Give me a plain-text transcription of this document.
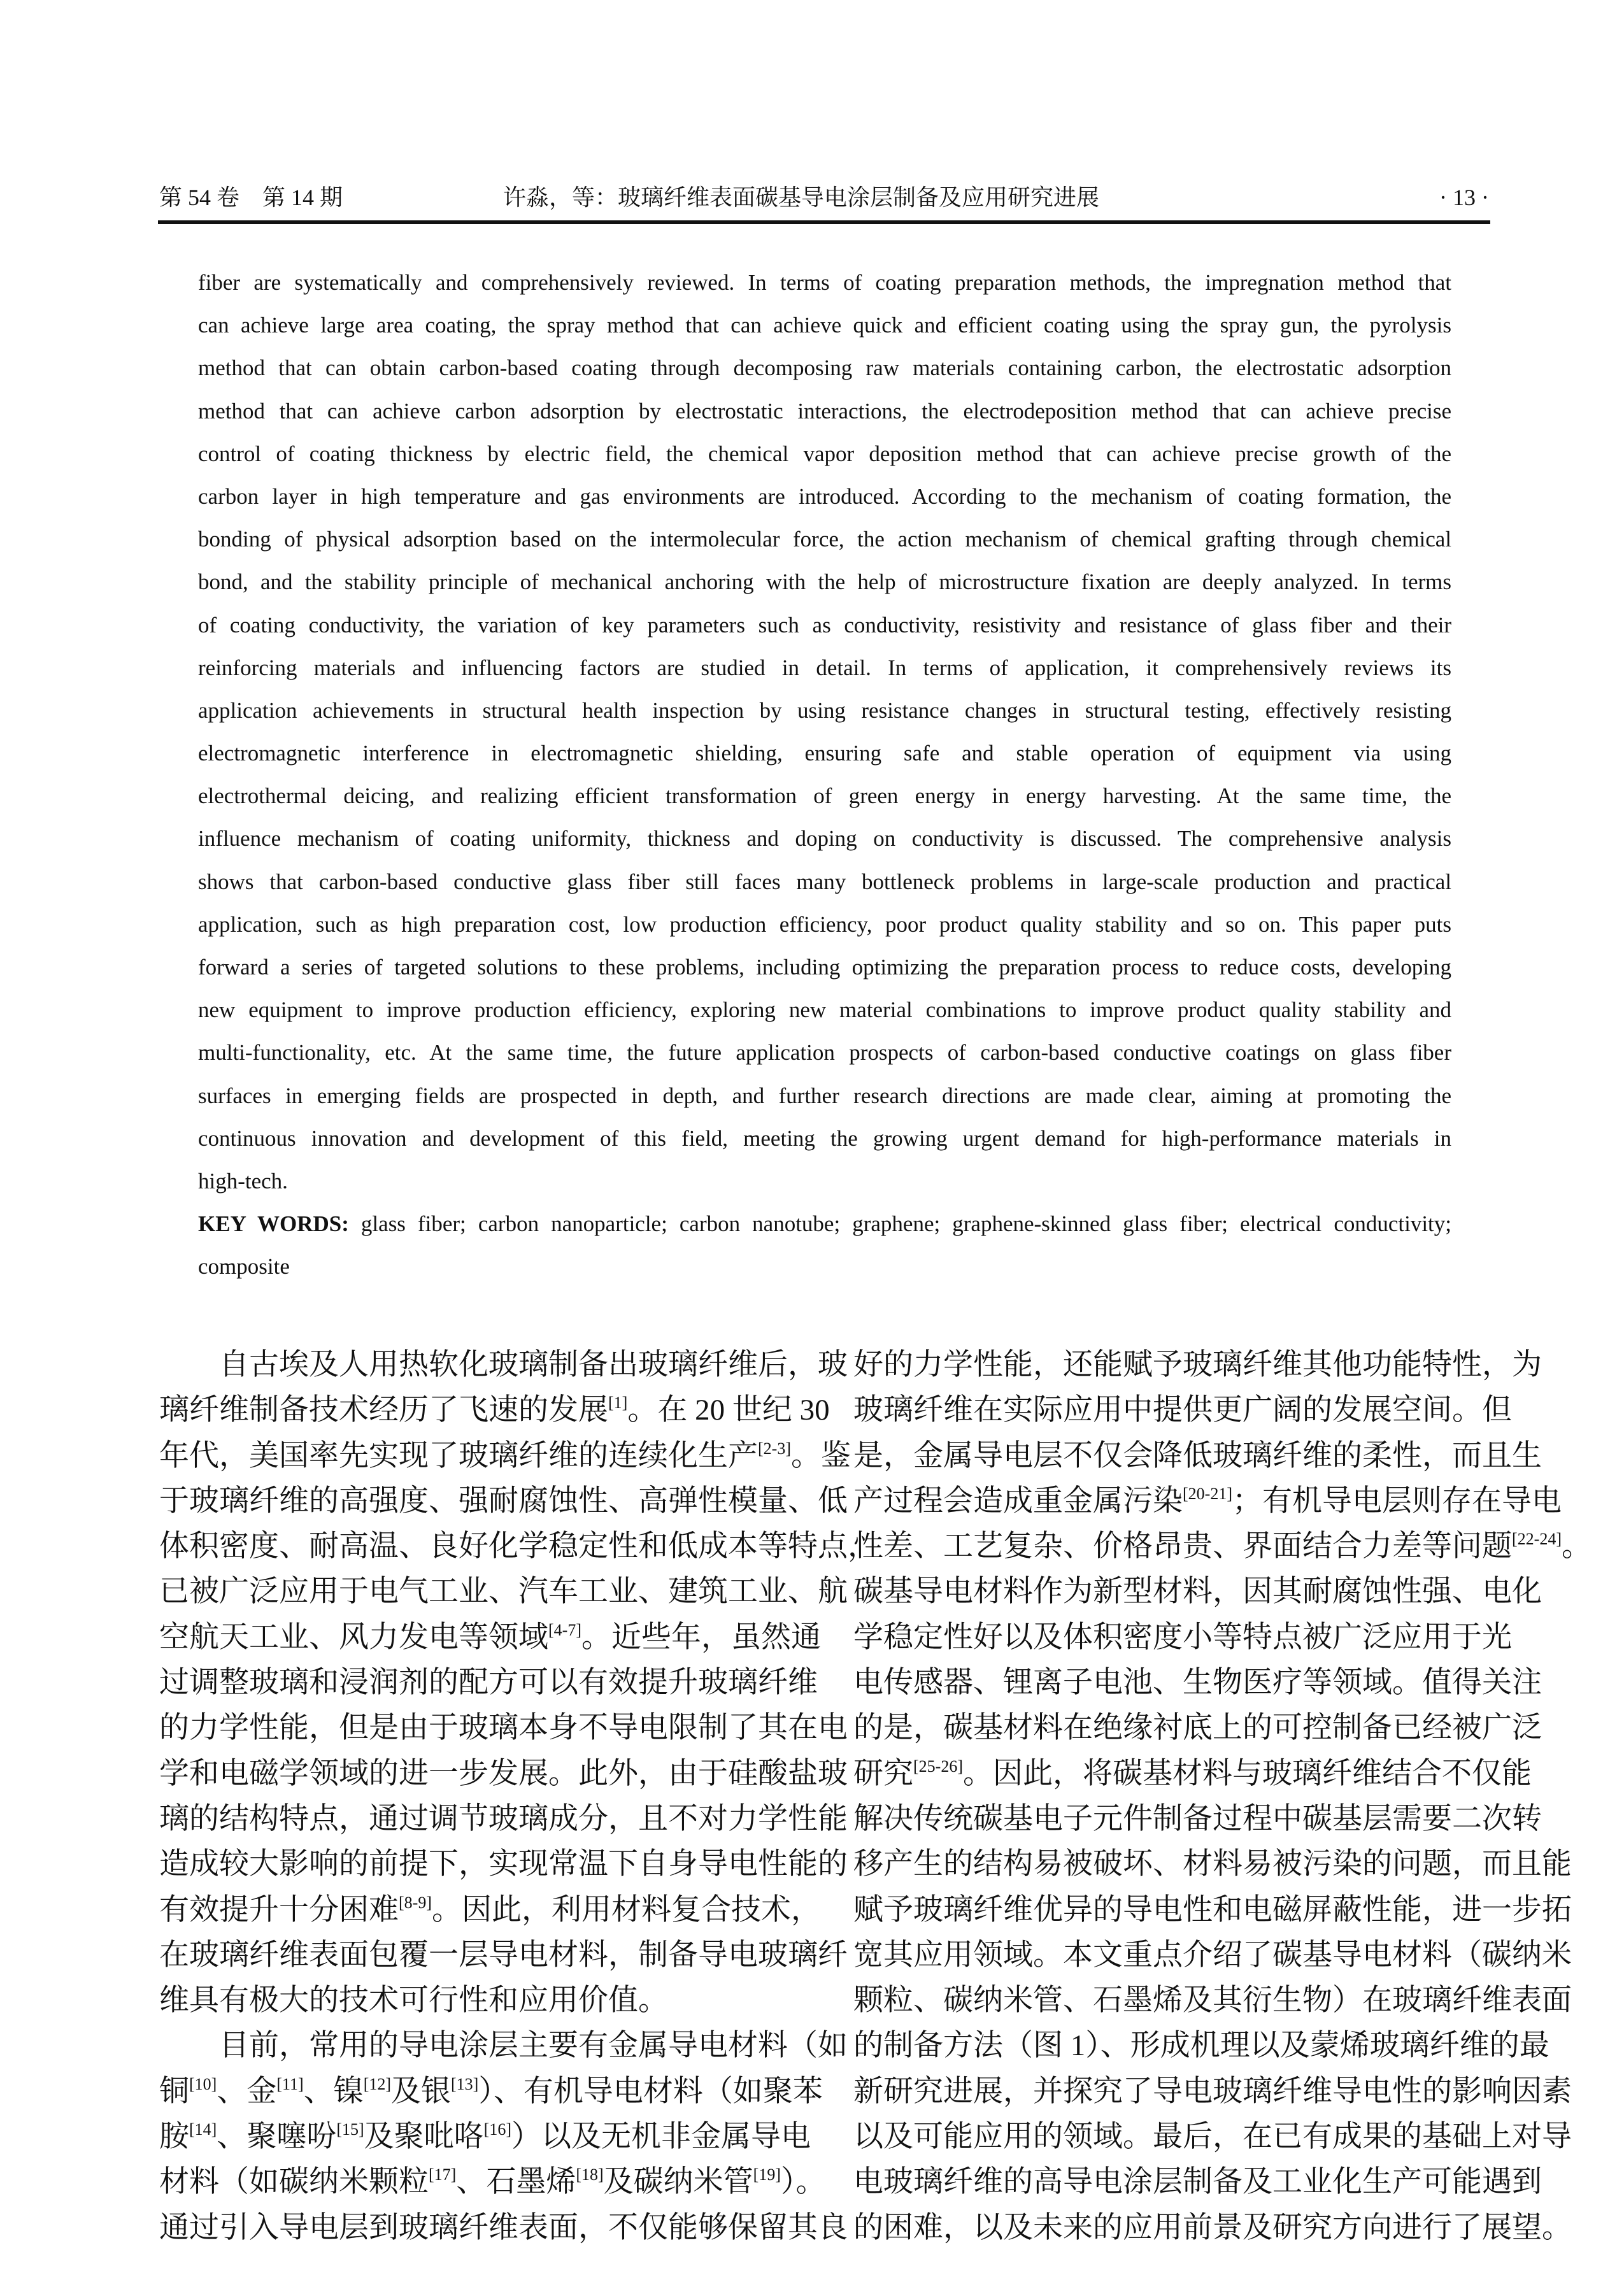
第 54 卷　第 14 期	许淼，等：玻璃纤维表面碳基导电涂层制备及应用研究进展	· 13 ·
fiber are systematically and comprehensively reviewed. In terms of coating preparation methods, the impregnation method that
can achieve large area coating, the spray method that can achieve quick and efficient coating using the spray gun, the pyrolysis
method that can obtain carbon-based coating through decomposing raw materials containing carbon, the electrostatic adsorption
method that can achieve carbon adsorption by electrostatic interactions, the electrodeposition method that can achieve precise
control of coating thickness by electric field, the chemical vapor deposition method that can achieve precise growth of the
carbon layer in high temperature and gas environments are introduced. According to the mechanism of coating formation, the
bonding of physical adsorption based on the intermolecular force, the action mechanism of chemical grafting through chemical
bond, and the stability principle of mechanical anchoring with the help of microstructure fixation are deeply analyzed. In terms
of coating conductivity, the variation of key parameters such as conductivity, resistivity and resistance of glass fiber and their
reinforcing materials and influencing factors are studied in detail. In terms of application, it comprehensively reviews its
application achievements in structural health inspection by using resistance changes in structural testing, effectively resisting
electromagnetic interference in electromagnetic shielding, ensuring safe and stable operation of equipment via using
electrothermal deicing, and realizing efficient transformation of green energy in energy harvesting. At the same time, the
influence mechanism of coating uniformity, thickness and doping on conductivity is discussed. The comprehensive analysis
shows that carbon-based conductive glass fiber still faces many bottleneck problems in large-scale production and practical
application, such as high preparation cost, low production efficiency, poor product quality stability and so on. This paper puts
forward a series of targeted solutions to these problems, including optimizing the preparation process to reduce costs, developing
new equipment to improve production efficiency, exploring new material combinations to improve product quality stability and
multi-functionality, etc. At the same time, the future application prospects of carbon-based conductive coatings on glass fiber
surfaces in emerging fields are prospected in depth, and further research directions are made clear, aiming at promoting the
continuous innovation and development of this field, meeting the growing urgent demand for high-performance materials in
high-tech.
KEY WORDS: glass fiber; carbon nanoparticle; carbon nanotube; graphene; graphene-skinned glass fiber; electrical conductivity;
composite
自古埃及人用热软化玻璃制备出玻璃纤维后，玻
璃纤维制备技术经历了飞速的发展[1]。在 20 世纪 30
年代，美国率先实现了玻璃纤维的连续化生产[2-3]。鉴
于玻璃纤维的高强度、强耐腐蚀性、高弹性模量、低
体积密度、耐高温、良好化学稳定性和低成本等特点，
已被广泛应用于电气工业、汽车工业、建筑工业、航
空航天工业、风力发电等领域[4-7]。近些年，虽然通
过调整玻璃和浸润剂的配方可以有效提升玻璃纤维
的力学性能，但是由于玻璃本身不导电限制了其在电
学和电磁学领域的进一步发展。此外，由于硅酸盐玻
璃的结构特点，通过调节玻璃成分，且不对力学性能
造成较大影响的前提下，实现常温下自身导电性能的
有效提升十分困难[8-9]。因此，利用材料复合技术，
在玻璃纤维表面包覆一层导电材料，制备导电玻璃纤
维具有极大的技术可行性和应用价值。
目前，常用的导电涂层主要有金属导电材料（如
铜[10]、金[11]、镍[12]及银[13]）、有机导电材料（如聚苯
胺[14]、聚噻吩[15]及聚吡咯[16]）以及无机非金属导电
材料（如碳纳米颗粒[17]、石墨烯[18]及碳纳米管[19]）。
通过引入导电层到玻璃纤维表面，不仅能够保留其良
好的力学性能，还能赋予玻璃纤维其他功能特性，为
玻璃纤维在实际应用中提供更广阔的发展空间。但
是，金属导电层不仅会降低玻璃纤维的柔性，而且生
产过程会造成重金属污染[20-21]；有机导电层则存在导电
性差、工艺复杂、价格昂贵、界面结合力差等问题[22-24]。
碳基导电材料作为新型材料，因其耐腐蚀性强、电化
学稳定性好以及体积密度小等特点被广泛应用于光
电传感器、锂离子电池、生物医疗等领域。值得关注
的是，碳基材料在绝缘衬底上的可控制备已经被广泛
研究[25-26]。因此，将碳基材料与玻璃纤维结合不仅能
解决传统碳基电子元件制备过程中碳基层需要二次转
移产生的结构易被破坏、材料易被污染的问题，而且能
赋予玻璃纤维优异的导电性和电磁屏蔽性能，进一步拓
宽其应用领域。本文重点介绍了碳基导电材料（碳纳米
颗粒、碳纳米管、石墨烯及其衍生物）在玻璃纤维表面
的制备方法（图 1）、形成机理以及蒙烯玻璃纤维的最
新研究进展，并探究了导电玻璃纤维导电性的影响因素
以及可能应用的领域。最后，在已有成果的基础上对导
电玻璃纤维的高导电涂层制备及工业化生产可能遇到
的困难，以及未来的应用前景及研究方向进行了展望。
